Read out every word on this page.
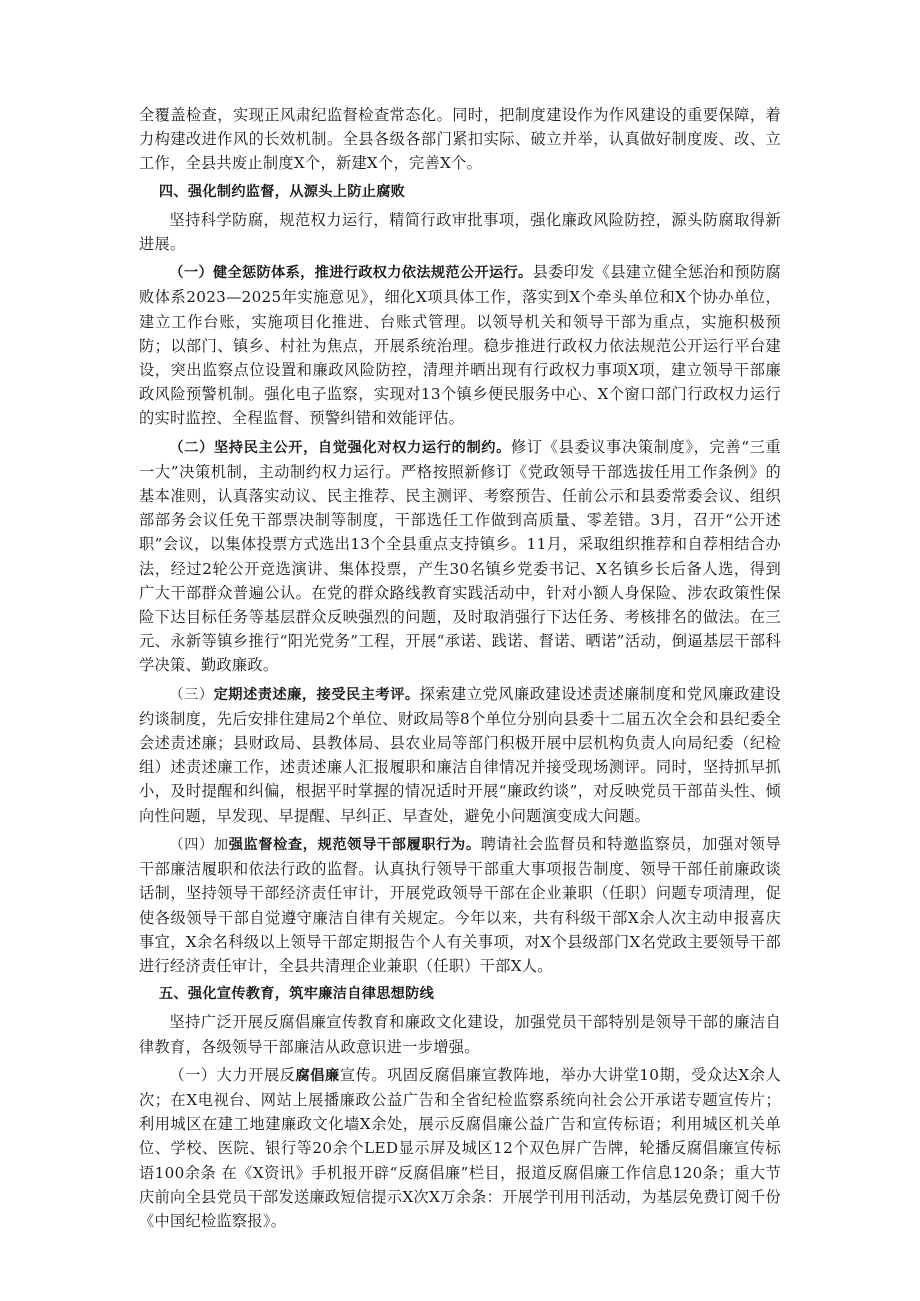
全覆盖检查，实现正风肃纪监督检查常态化。同时，把制度建设作为作风建设的重要保障，着力构建改进作风的长效机制。全县各级各部门紧扣实际、破立并举，认真做好制度废、改、立工作，全县共废止制度X个，新建X个，完善X个。

四、强化制约监督，从源头上防止腐败

坚持科学防腐，规范权力运行，精简行政审批事项，强化廉政风险防控，源头防腐取得新进展。

（一）健全惩防体系，推进行政权力依法规范公开运行。县委印发《县建立健全惩治和预防腐败体系2023—2025年实施意见》，细化X项具体工作，落实到X个牵头单位和X个协办单位，建立工作台账，实施项目化推进、台账式管理。以领导机关和领导干部为重点，实施积极预防；以部门、镇乡、村社为焦点，开展系统治理。稳步推进行政权力依法规范公开运行平台建设，突出监察点位设置和廉政风险防控，清理并晒出现有行政权力事项X项，建立领导干部廉政风险预警机制。强化电子监察，实现对13个镇乡便民服务中心、X个窗口部门行政权力运行的实时监控、全程监督、预警纠错和效能评估。

（二）坚持民主公开，自觉强化对权力运行的制约。修订《县委议事决策制度》，完善“三重一大”决策机制，主动制约权力运行。严格按照新修订《党政领导干部选拔任用工作条例》的基本准则，认真落实动议、民主推荐、民主测评、考察预告、任前公示和县委常委会议、组织部部务会议任免干部票决制等制度，干部选任工作做到高质量、零差错。3月，召开“公开述职”会议，以集体投票方式选出13个全县重点支持镇乡。11月，采取组织推荐和自荐相结合办法，经过2轮公开竞选演讲、集体投票，产生30名镇乡党委书记、X名镇乡长后备人选，得到广大干部群众普遍公认。在党的群众路线教育实践活动中，针对小额人身保险、涉农政策性保险下达目标任务等基层群众反映强烈的问题，及时取消强行下达任务、考核排名的做法。在三元、永新等镇乡推行“阳光党务”工程，开展“承诺、践诺、督诺、晒诺”活动，倒逼基层干部科学决策、勤政廉政。

（三）定期述责述廉，接受民主考评。探索建立党风廉政建设述责述廉制度和党风廉政建设约谈制度，先后安排住建局2个单位、财政局等8个单位分别向县委十二届五次全会和县纪委全会述责述廉；县财政局、县教体局、县农业局等部门积极开展中层机构负责人向局纪委（纪检组）述责述廉工作，述责述廉人汇报履职和廉洁自律情况并接受现场测评。同时，坚持抓早抓小，及时提醒和纠偏，根据平时掌握的情况适时开展“廉政约谈”，对反映党员干部苗头性、倾向性问题，早发现、早提醒、早纠正、早查处，避免小问题演变成大问题。

（四）加强监督检查，规范领导干部履职行为。聘请社会监督员和特邀监察员，加强对领导干部廉洁履职和依法行政的监督。认真执行领导干部重大事项报告制度、领导干部任前廉政谈话制，坚持领导干部经济责任审计，开展党政领导干部在企业兼职（任职）问题专项清理，促使各级领导干部自觉遵守廉洁自律有关规定。今年以来，共有科级干部X余人次主动申报喜庆事宜，X余名科级以上领导干部定期报告个人有关事项，对X个县级部门X名党政主要领导干部进行经济责任审计，全县共清理企业兼职（任职）干部X人。

五、强化宣传教育，筑牢廉洁自律思想防线

坚持广泛开展反腐倡廉宣传教育和廉政文化建设，加强党员干部特别是领导干部的廉洁自律教育，各级领导干部廉洁从政意识进一步增强。

（一）大力开展反腐倡廉宣传。巩固反腐倡廉宣教阵地，举办大讲堂10期，受众达X余人次；在X电视台、网站上展播廉政公益广告和全省纪检监察系统向社会公开承诺专题宣传片；利用城区在建工地建廉政文化墙X余处，展示反腐倡廉公益广告和宣传标语；利用城区机关单位、学校、医院、银行等20余个LED显示屏及城区12个双色屏广告牌，轮播反腐倡廉宣传标语100余条 在《X资讯》手机报开辟“反腐倡廉”栏目，报道反腐倡廉工作信息120条；重大节庆前向全县党员干部发送廉政短信提示X次X万余条：开展学刊用刊活动，为基层免费订阅千份《中国纪检监察报》。
